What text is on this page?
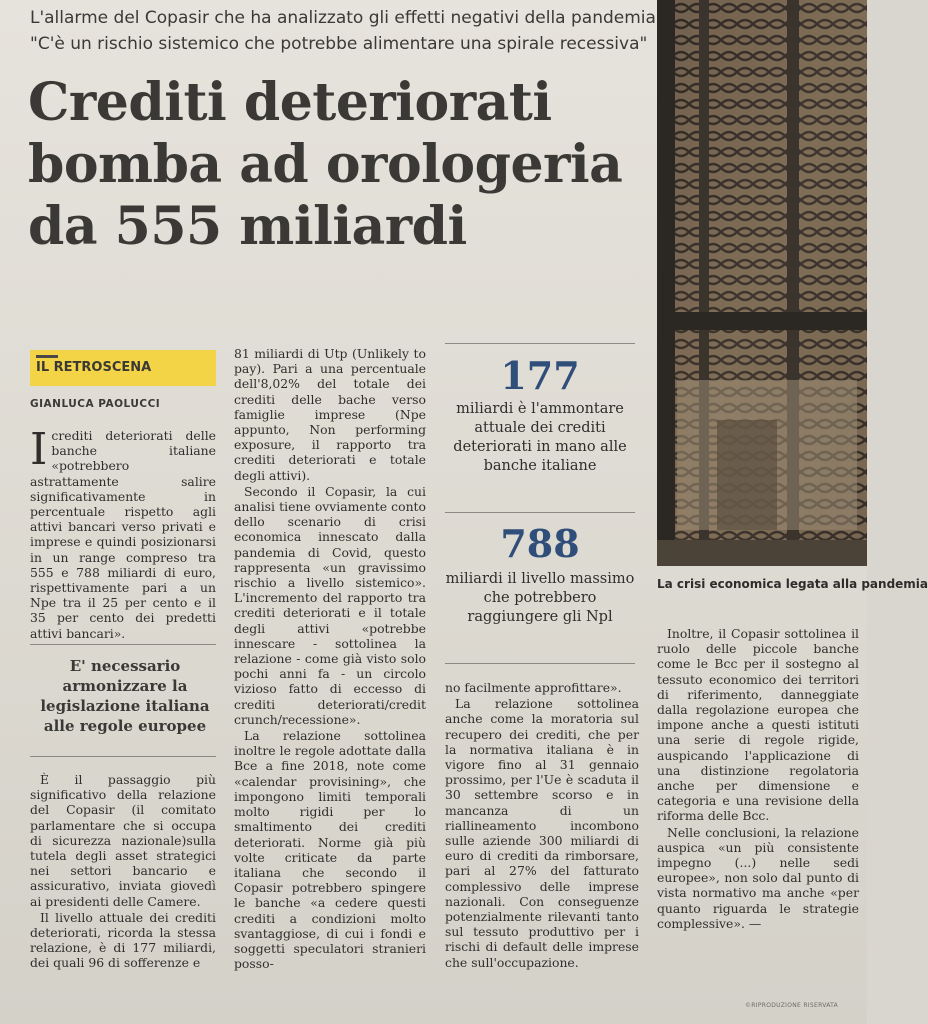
L'allarme del Copasir che ha analizzato gli effetti negativi della pandemia
"C'è un rischio sistemico che potrebbe alimentare una spirale recessiva"
Crediti deteriorati
bomba ad orologeria
da 555 miliardi
IL RETROSCENA
GIANLUCA PAOLUCCI

Icrediti deteriorati delle banche italiane «potrebbero astrattamente salire significativamente in percentuale rispetto agli attivi bancari verso privati e imprese e quindi posizionarsi in un range compreso tra 555 e 788 miliardi di euro, rispettivamente pari a un Npe tra il 25 per cento e il 35 per cento dei predetti attivi bancari».

E' necessario armonizzare la legislazione italiana alle regole europee

È il passaggio più significativo della relazione del Copasir (il comitato parlamentare che si occupa di sicurezza nazionale)sulla tutela degli asset strategici nei settori bancario e assicurativo, inviata giovedì ai presidenti delle Camere.

Il livello attuale dei crediti deteriorati, ricorda la stessa relazione, è di 177 miliardi, dei quali 96 di sofferenze e

81 miliardi di Utp (Unlikely to pay). Pari a una percentuale dell'8,02% del totale dei crediti delle bache verso famiglie imprese (Npe appunto, Non performing exposure, il rapporto tra crediti deteriorati e totale degli attivi).

Secondo il Copasir, la cui analisi tiene ovviamente conto dello scenario di crisi economica innescato dalla pandemia di Covid, questo rappresenta «un gravissimo rischio a livello sistemico». L'incremento del rapporto tra crediti deteriorati e il totale degli attivi «potrebbe innescare - sottolinea la relazione - come già visto solo pochi anni fa - un circolo vizioso fatto di eccesso di crediti deteriorati/credit crunch/recessione».

La relazione sottolinea inoltre le regole adottate dalla Bce a fine 2018, note come «calendar provisining», che impongono limiti temporali molto rigidi per lo smaltimento dei crediti deteriorati. Norme già più volte criticate da parte italiana che secondo il Copasir potrebbero spingere le banche «a cedere questi crediti a condizioni molto svantaggiose, di cui i fondi e soggetti speculatori stranieri posso-

177
miliardi è l'ammontare attuale dei crediti deteriorati in mano alle banche italiane
788
miliardi il livello massimo che potrebbero raggiungere gli Npl

no facilmente approfittare».

La relazione sottolinea anche come la moratoria sul recupero dei crediti, che per la normativa italiana è in vigore fino al 31 gennaio prossimo, per l'Ue è scaduta il 30 settembre scorso e in mancanza di un riallineamento incombono sulle aziende 300 miliardi di euro di crediti da rimborsare, pari al 27% del fatturato complessivo delle imprese nazionali. Con conseguenze potenzialmente rilevanti tanto sul tessuto produttivo per i rischi di default delle imprese che sull'occupazione.

La crisi economica legata alla pandemia

Inoltre, il Copasir sottolinea il ruolo delle piccole banche come le Bcc per il sostegno al tessuto economico dei territori di riferimento, danneggiate dalla regolazione europea che impone anche a questi istituti una serie di regole rigide, auspicando l'applicazione di una distinzione regolatoria anche per dimensione e categoria e una revisione della riforma delle Bcc.

Nelle conclusioni, la relazione auspica «un più consistente impegno (...) nelle sedi europee», non solo dal punto di vista normativo ma anche «per quanto riguarda le strategie complessive». —

©RIPRODUZIONE RISERVATA
